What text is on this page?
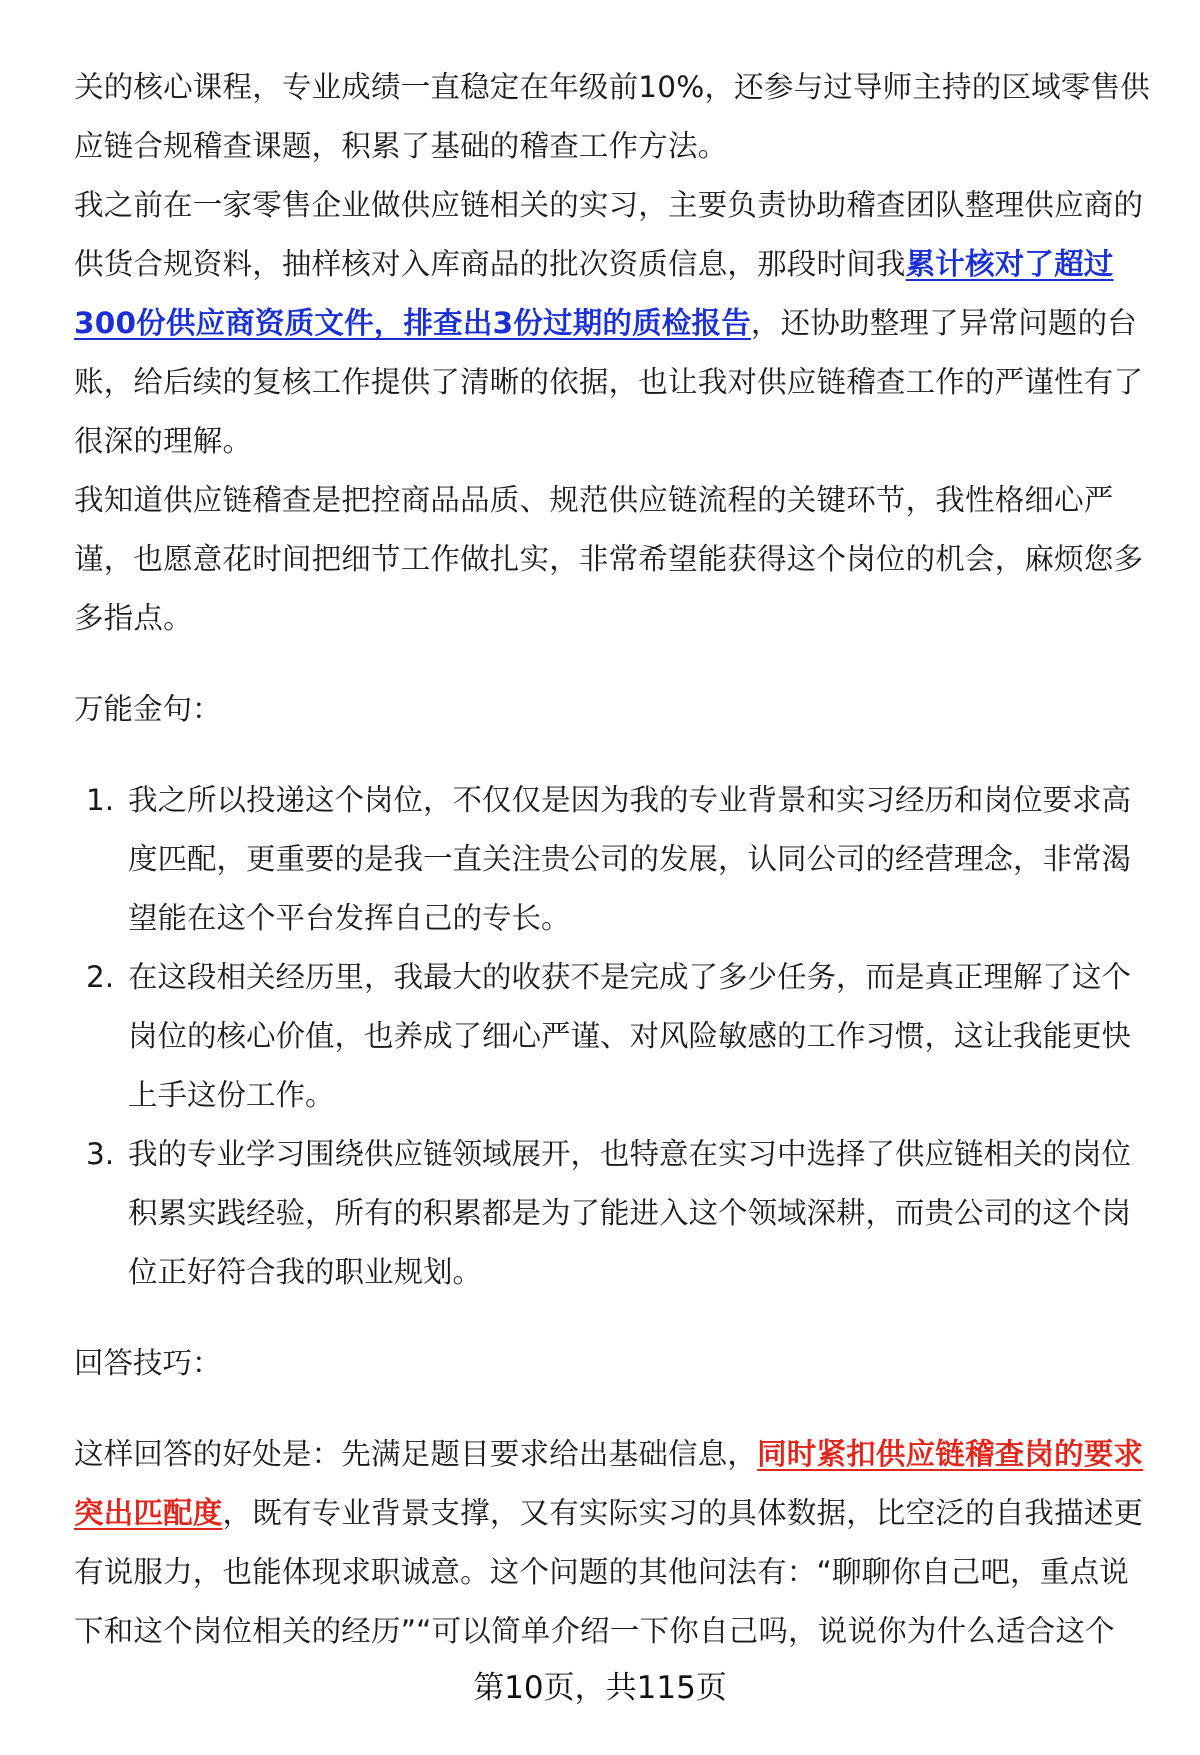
关的核心课程，专业成绩一直稳定在年级前10%，还参与过导师主持的区域零售供应链合规稽查课题，积累了基础的稽查工作方法。

我之前在一家零售企业做供应链相关的实习，主要负责协助稽查团队整理供应商的供货合规资料，抽样核对入库商品的批次资质信息，那段时间我累计核对了超过300份供应商资质文件，排查出3份过期的质检报告，还协助整理了异常问题的台账，给后续的复核工作提供了清晰的依据，也让我对供应链稽查工作的严谨性有了很深的理解。

我知道供应链稽查是把控商品品质、规范供应链流程的关键环节，我性格细心严谨，也愿意花时间把细节工作做扎实，非常希望能获得这个岗位的机会，麻烦您多多指点。

万能金句：

1. 我之所以投递这个岗位，不仅仅是因为我的专业背景和实习经历和岗位要求高度匹配，更重要的是我一直关注贵公司的发展，认同公司的经营理念，非常渴望能在这个平台发挥自己的专长。
2. 在这段相关经历里，我最大的收获不是完成了多少任务，而是真正理解了这个岗位的核心价值，也养成了细心严谨、对风险敏感的工作习惯，这让我能更快上手这份工作。
3. 我的专业学习围绕供应链领域展开，也特意在实习中选择了供应链相关的岗位积累实践经验，所有的积累都是为了能进入这个领域深耕，而贵公司的这个岗位正好符合我的职业规划。

回答技巧：

这样回答的好处是：先满足题目要求给出基础信息，同时紧扣供应链稽查岗的要求突出匹配度，既有专业背景支撑，又有实际实习的具体数据，比空泛的自我描述更有说服力，也能体现求职诚意。这个问题的其他问法有：“聊聊你自己吧，重点说下和这个岗位相关的经历”“可以简单介绍一下你自己吗，说说你为什么适合这个

第10页，共115页
